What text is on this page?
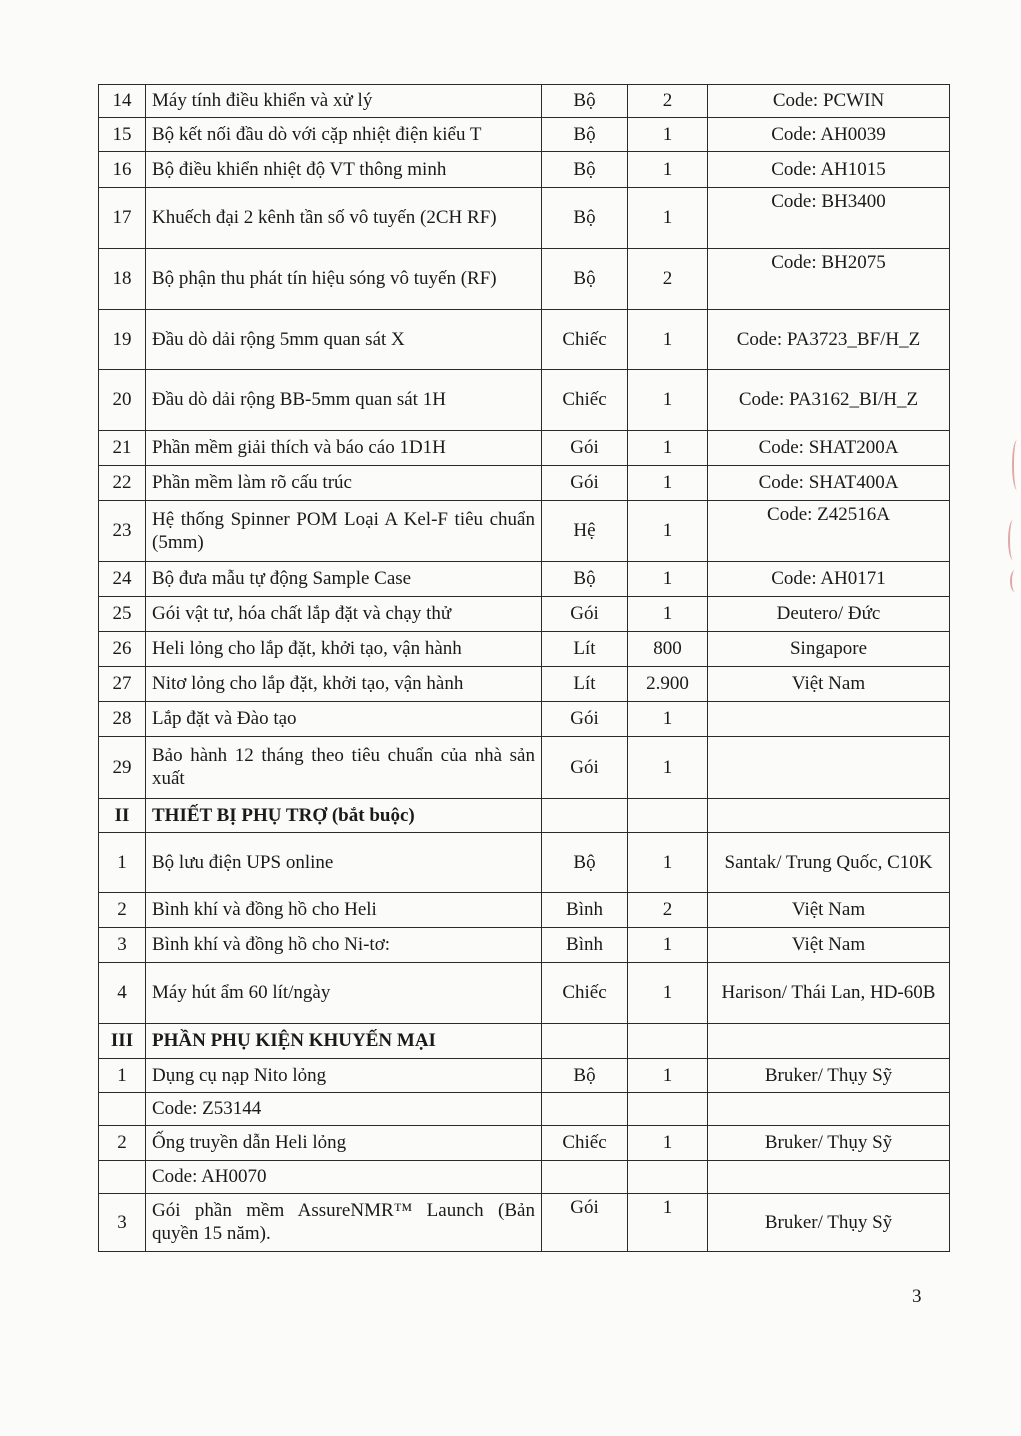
14	Máy tính điều khiển và xử lý	Bộ	2	Code: PCWIN
15	Bộ kết nối đầu dò với cặp nhiệt điện kiểu T	Bộ	1	Code: AH0039
16	Bộ điều khiển nhiệt độ VT thông minh	Bộ	1	Code: AH1015
17	Khuếch đại 2 kênh tần số vô tuyến (2CH RF)	Bộ	1	Code: BH3400
18	Bộ phận thu phát tín hiệu sóng vô tuyến (RF)	Bộ	2	Code: BH2075
19	Đầu dò dải rộng 5mm quan sát X	Chiếc	1	Code: PA3723_BF/H_Z
20	Đầu dò dải rộng BB-5mm quan sát 1H	Chiếc	1	Code: PA3162_BI/H_Z
21	Phần mềm giải thích và báo cáo 1D1H	Gói	1	Code: SHAT200A
22	Phần mềm làm rõ cấu trúc	Gói	1	Code: SHAT400A
23	Hệ thống Spinner POM Loại A Kel-F tiêu chuẩn (5mm)	Hệ	1	Code: Z42516A
24	Bộ đưa mẫu tự động Sample Case	Bộ	1	Code: AH0171
25	Gói vật tư, hóa chất lắp đặt và chạy thử	Gói	1	Deutero/ Đức
26	Heli lỏng cho lắp đặt, khởi tạo, vận hành	Lít	800	Singapore
27	Nitơ lỏng cho lắp đặt, khởi tạo, vận hành	Lít	2.900	Việt Nam
28	Lắp đặt và Đào tạo	Gói	1	
29	Bảo hành 12 tháng theo tiêu chuẩn của nhà sản xuất	Gói	1	
II	THIẾT BỊ PHỤ TRỢ (bắt buộc)			
1	Bộ lưu điện UPS online	Bộ	1	Santak/ Trung Quốc, C10K
2	Bình khí và đồng hồ cho Heli	Bình	2	Việt Nam
3	Bình khí và đồng hồ cho Ni-tơ:	Bình	1	Việt Nam
4	Máy hút ẩm 60 lít/ngày	Chiếc	1	Harison/ Thái Lan, HD-60B
III	PHẦN PHỤ KIỆN KHUYẾN MẠI			
1	Dụng cụ nạp Nito lỏng	Bộ	1	Bruker/ Thụy Sỹ
	Code: Z53144			
2	Ống truyền dẫn Heli lỏng	Chiếc	1	Bruker/ Thụy Sỹ
	Code: AH0070			
3	Gói phần mềm AssureNMR™ Launch (Bản quyền 15 năm).	Gói	1	Bruker/ Thụy Sỹ
3
